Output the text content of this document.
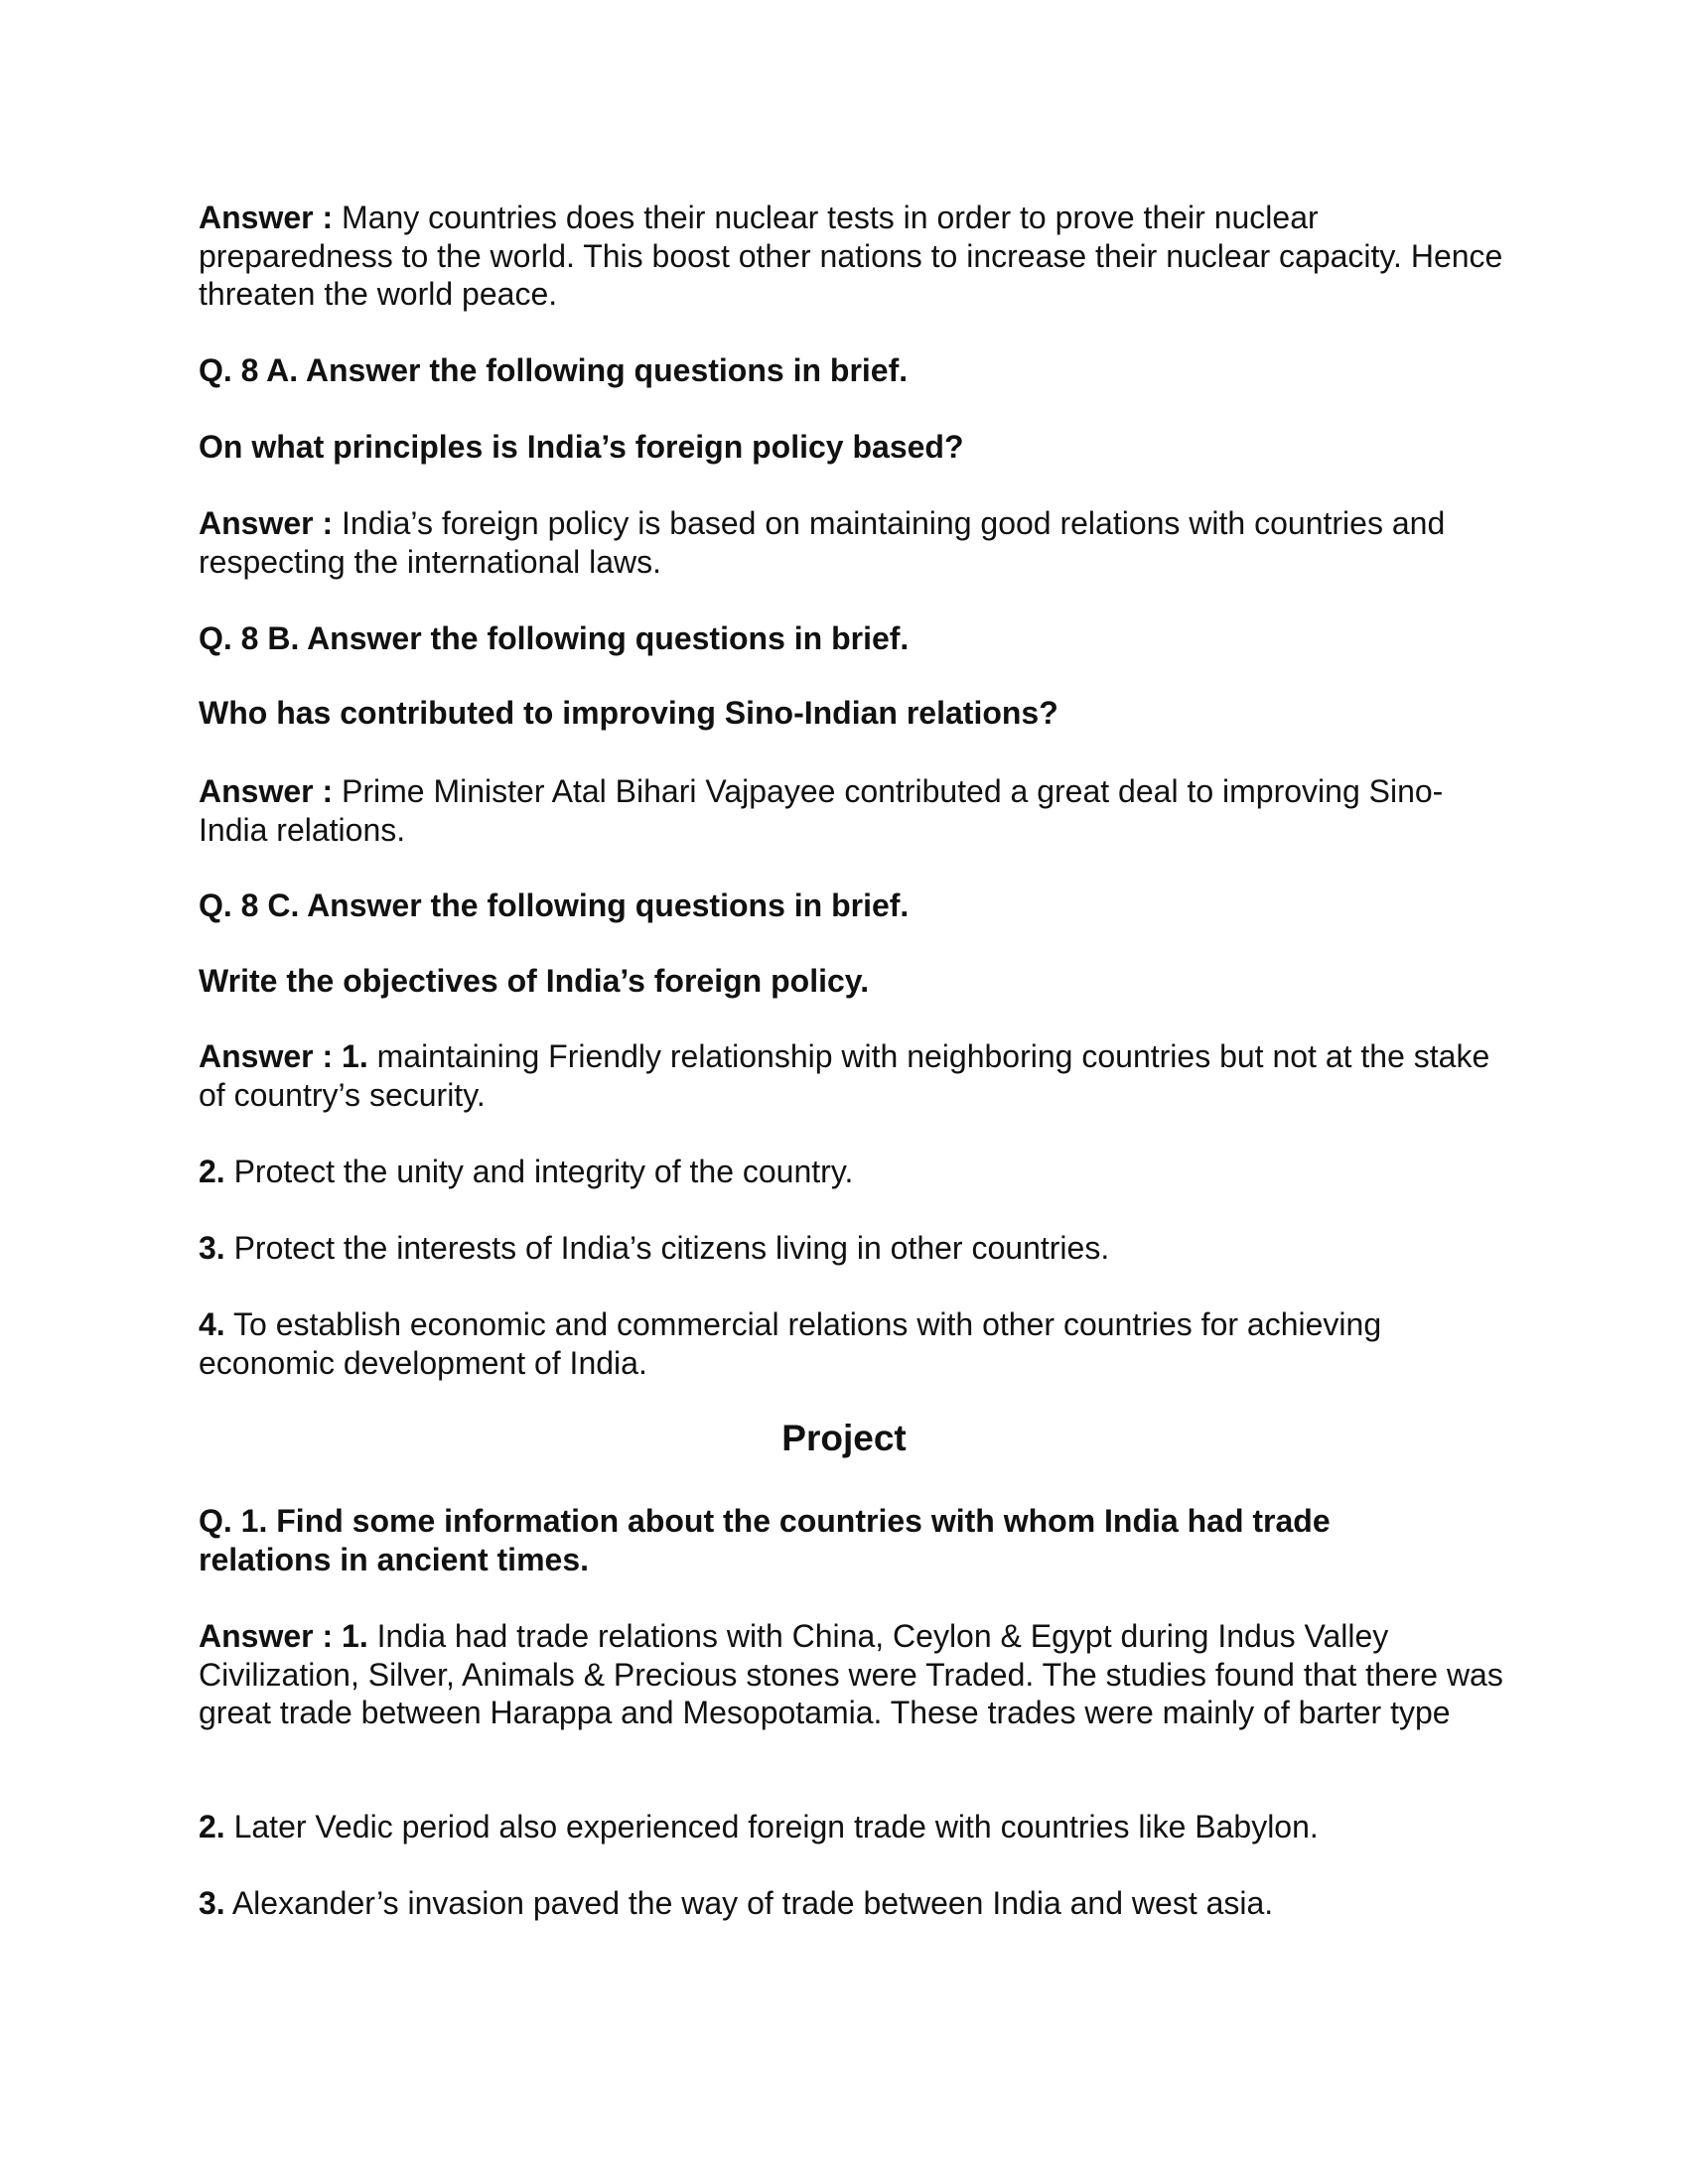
Answer : Many countries does their nuclear tests in order to prove their nuclear preparedness to the world. This boost other nations to increase their nuclear capacity. Hence threaten the world peace.
Q. 8 A. Answer the following questions in brief.
On what principles is India’s foreign policy based?
Answer : India’s foreign policy is based on maintaining good relations with countries and respecting the international laws.
Q. 8 B. Answer the following questions in brief.
Who has contributed to improving Sino-Indian relations?
Answer : Prime Minister Atal Bihari Vajpayee contributed a great deal to improving Sino-India relations.
Q. 8 C. Answer the following questions in brief.
Write the objectives of India’s foreign policy.
Answer : 1. maintaining Friendly relationship with neighboring countries but not at the stake of country’s security.
2. Protect the unity and integrity of the country.
3. Protect the interests of India’s citizens living in other countries.
4. To establish economic and commercial relations with other countries for achieving economic development of India.
Project
Q. 1. Find some information about the countries with whom India had trade relations in ancient times.
Answer : 1. India had trade relations with China, Ceylon & Egypt during Indus Valley Civilization, Silver, Animals & Precious stones were Traded. The studies found that there was great trade between Harappa and Mesopotamia. These trades were mainly of barter type
2. Later Vedic period also experienced foreign trade with countries like Babylon.
3. Alexander’s invasion paved the way of trade between India and west asia.
